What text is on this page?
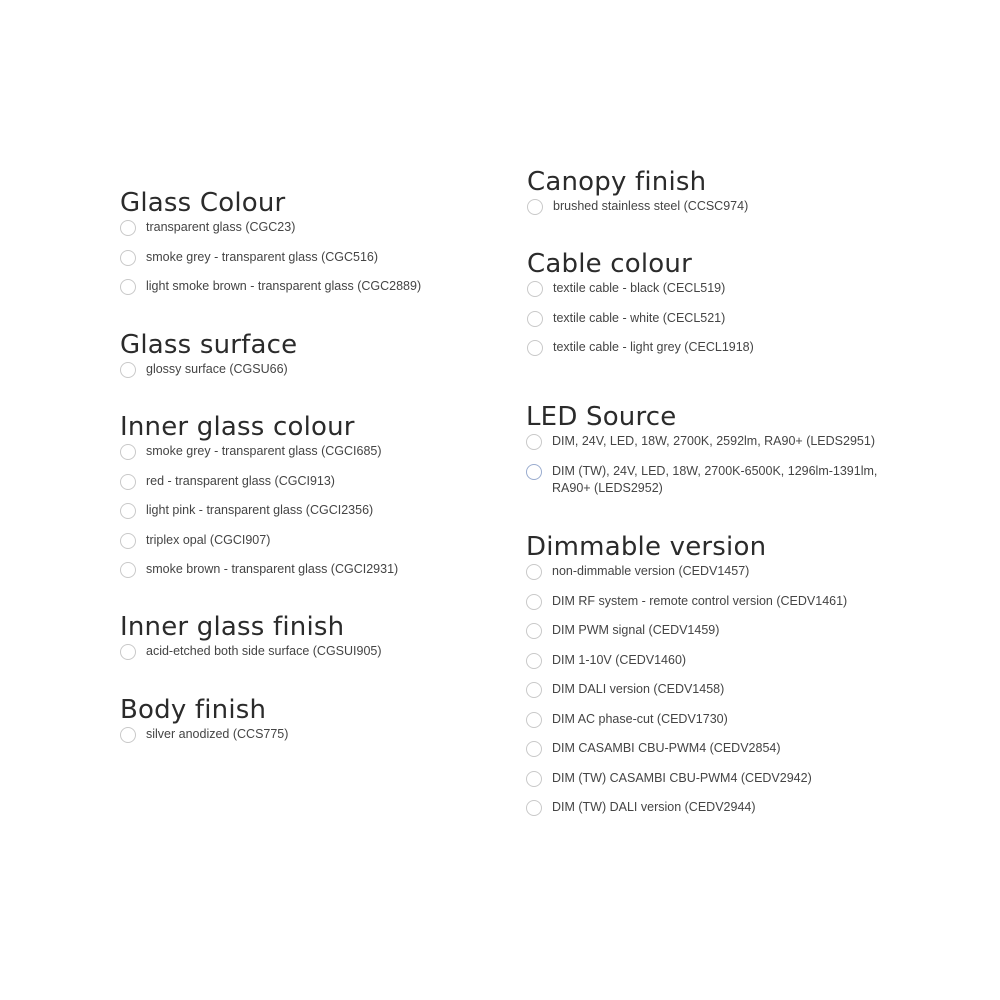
Glass Colour
transparent glass (CGC23)
smoke grey - transparent glass (CGC516)
light smoke brown - transparent glass (CGC2889)
Glass surface
glossy surface (CGSU66)
Inner glass colour
smoke grey - transparent glass (CGCI685)
red - transparent glass (CGCI913)
light pink - transparent glass (CGCI2356)
triplex opal (CGCI907)
smoke brown - transparent glass (CGCI2931)
Inner glass finish
acid-etched both side surface (CGSUI905)
Body finish
silver anodized (CCS775)
Canopy finish
brushed stainless steel (CCSC974)
Cable colour
textile cable - black (CECL519)
textile cable - white (CECL521)
textile cable - light grey (CECL1918)
LED Source
DIM, 24V, LED, 18W, 2700K, 2592lm, RA90+ (LEDS2951)
DIM (TW), 24V, LED, 18W, 2700K-6500K, 1296lm-1391lm, RA90+ (LEDS2952)
Dimmable version
non-dimmable version (CEDV1457)
DIM RF system - remote control version (CEDV1461)
DIM PWM signal (CEDV1459)
DIM 1-10V (CEDV1460)
DIM DALI version (CEDV1458)
DIM AC phase-cut (CEDV1730)
DIM CASAMBI CBU-PWM4 (CEDV2854)
DIM (TW) CASAMBI CBU-PWM4 (CEDV2942)
DIM (TW) DALI version (CEDV2944)
